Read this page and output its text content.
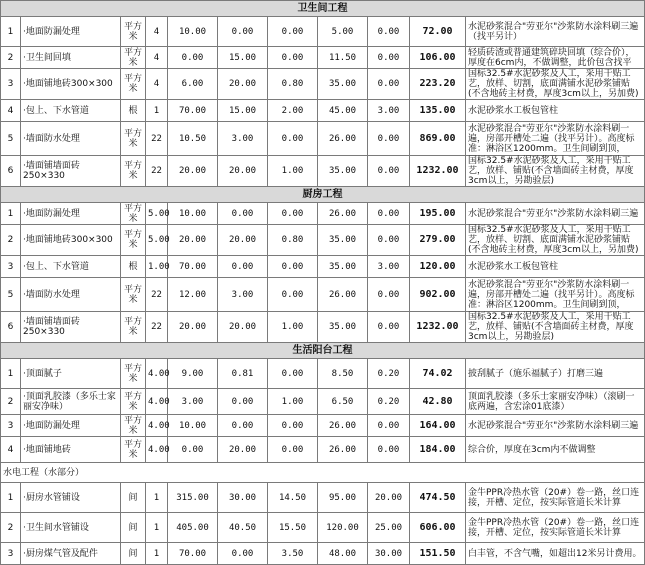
卫生间工程										
1	·地面防漏处理	平方米	4	10.00	0.00	0.00	5.00	0.00	72.00	水泥砂浆混合"劳亚尔"沙浆防水涂料刷三遍（找平另计）
2	·卫生间回填	平方米	4	0.00	15.00	0.00	11.50	0.00	106.00	轻质砖渣或普通建筑碎块回填（综合价），厚度在6cm内，不做调整，此价包含找平
3	·地面铺地砖300×300	平方米	4	6.00	20.00	0.80	35.00	0.00	223.20	国标32.5#水泥砂浆及人工，采用干贴工艺，放样、切割，底面满铺水泥砂浆铺贴(不含地砖主材费，厚度3cm以上，另加费)
4	·包上、下水管道	根	1	70.00	15.00	2.00	45.00	3.00	135.00	水泥砂浆水工板包管柱
5	·墙面防水处理	平方米	22	10.50	3.00	0.00	26.00	0.00	869.00	水泥砂浆混合"劳亚尔"沙浆防水涂料刷一遍，房部开槽处二遍（找平另计）。高度标准：淋浴区1200mm。卫生间刷到顶，
6	·墙面铺墙面砖250×330	平方米	22	20.00	20.00	1.00	35.00	0.00	1232.00	国标32.5#水泥砂浆及人工，采用干贴工艺，放样、铺贴(不含墙面砖主材费，厚度3cm以上，另勘验层)
厨房工程										
1	·地面防漏处理	平方米	5.00	10.00	0.00	0.00	26.00	0.00	195.00	水泥砂浆混合"劳亚尔"沙浆防水涂料刷三遍
2	·地面铺地砖300×300	平方米	5.00	20.00	20.00	0.80	35.00	0.00	279.00	国标32.5#水泥砂浆及人工，采用干贴工艺，放样、切割、底面满铺水泥砂浆铺贴(不含地砖主材费，厚度3cm以上，另加费)
3	·包上、下水管道	根	1.00	70.00	0.00	0.00	35.00	3.00	120.00	水泥砂浆水工板包管柱
5	·墙面防水处理	平方米	22	12.00	3.00	0.00	26.00	0.00	902.00	水泥砂浆混合"劳亚尔"沙浆防水涂料刷一遍，房部开槽处二遍（找平另计）。高度标准：淋浴区1200mm。卫生间刷到顶，
6	·墙面铺墙面砖250×330	平方米	22	20.00	20.00	1.00	35.00	0.00	1232.00	国标32.5#水泥砂浆及人工，采用干贴工艺，放样、铺贴(不含墙面砖主材费，厚度3cm以上，另勘验层)
生活阳台工程										
1	·顶面腻子	平方米	4.00	9.00	0.81	0.00	8.50	0.20	74.02	披刮腻子（施乐福腻子）打磨三遍
2	·顶面乳胶漆（多乐士家丽安净味）	平方米	4.00	3.00	0.00	1.00	6.50	0.20	42.80	顶面乳胶漆（多乐士家丽安净味）（滚刷一底两遍，含宏涂01底漆）
3	·地面防漏处理	平方米	4.00	10.00	0.00	0.00	26.00	0.00	164.00	水泥砂浆混合"劳亚尔"沙浆防水涂料刷三遍
4	·地面铺地砖	平方米	4.00	0.00	20.00	0.00	26.00	0.00	184.00	综合价，厚度在3cm内不做调整
水电工程（水部分）										
1	·厨房水管铺设	间	1	315.00	30.00	14.50	95.00	20.00	474.50	金牛PPR冷热水管（20#）卷一路，丝口连接，开槽、定位，按实际管道长米计算
2	·卫生间水管铺设	间	1	405.00	40.50	15.50	120.00	25.00	606.00	金牛PPR冷热水管（20#）卷一路，丝口连接，开槽、定位，按实际管道长米计算
3	·厨房煤气管及配件	间	1	70.00	0.00	3.50	48.00	30.00	151.50	白丰管，不含气嘴，如超出12米另计费用。
